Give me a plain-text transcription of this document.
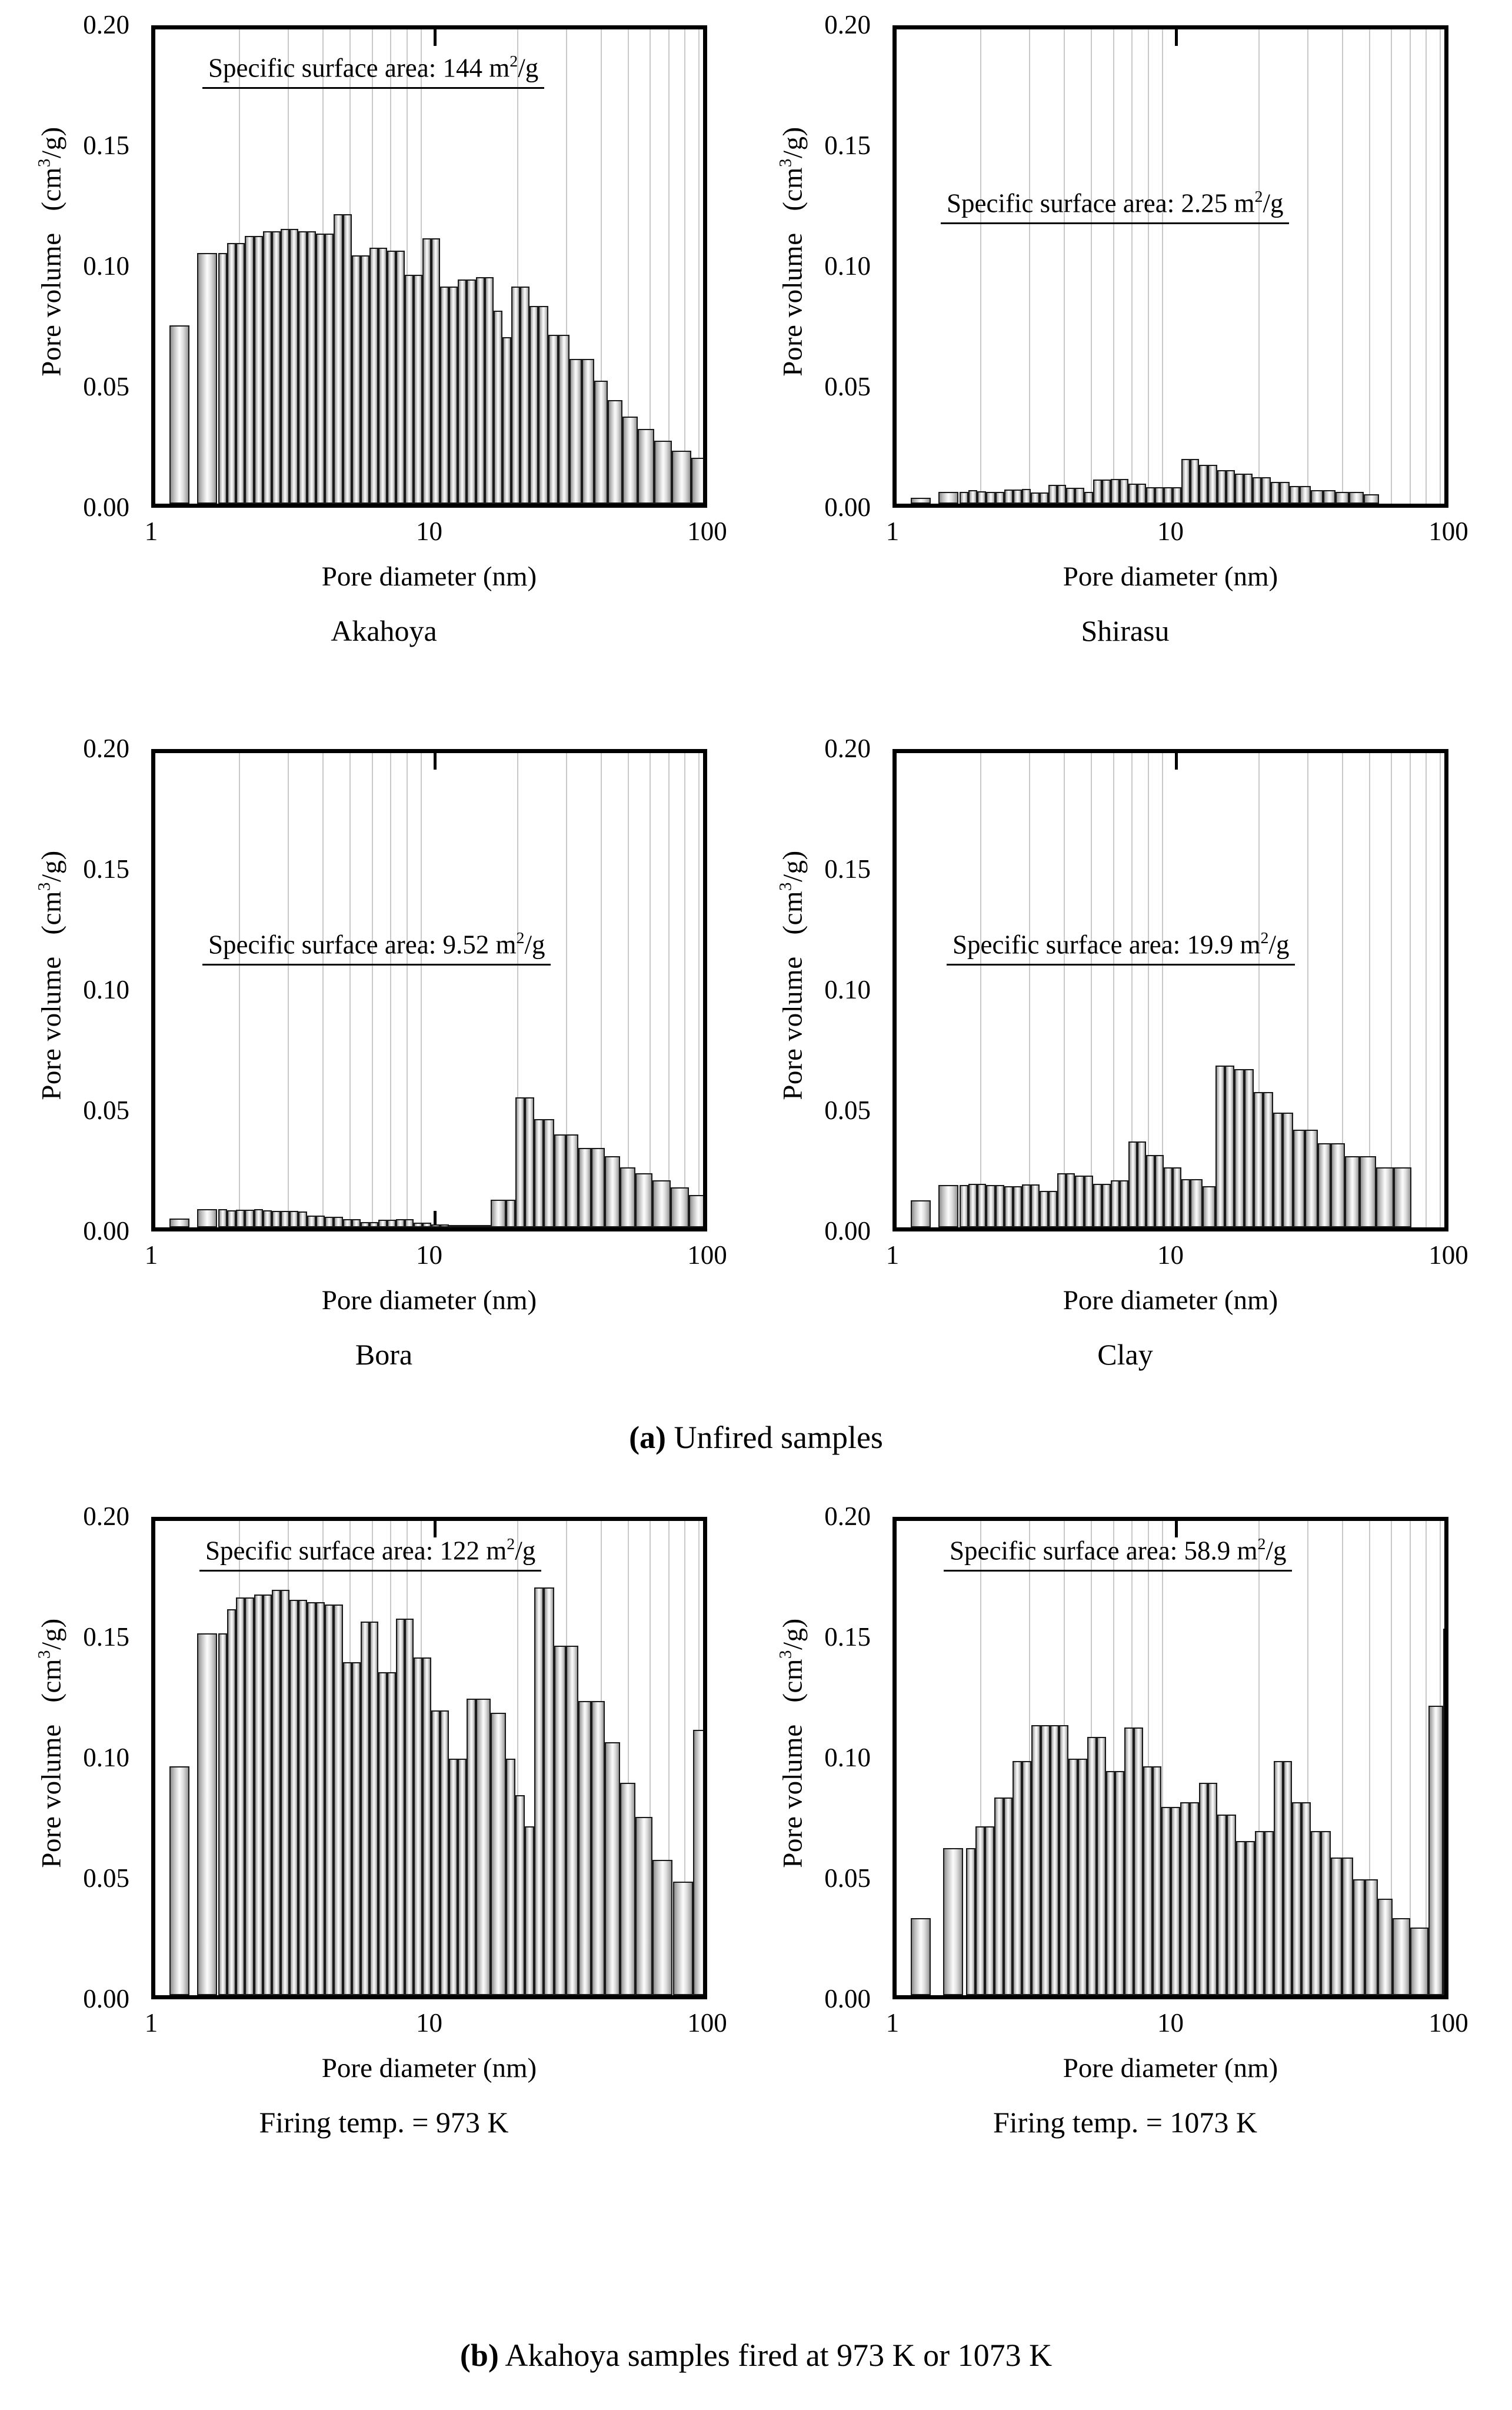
Pore volume   $(cm^3/g)$
0.20
0.15
0.10
0.05
0.00
Specific surface area: 144 $m^2/g$
1	10	100
Pore diameter (nm)
Akahoya
Pore volume   $(cm^3/g)$
0.20
0.15
0.10
0.05
0.00
Specific surface area: 2.25 $m^2/g$
1	10	100
Pore diameter (nm)
Shirasu
Pore volume   $(cm^3/g)$
0.20
0.15
0.10
0.05
0.00
Specific surface area: 9.52 $m^2/g$
1	10	100
Pore diameter (nm)
Bora
Pore volume   $(cm^3/g)$
0.20
0.15
0.10
0.05
0.00
Specific surface area: 19.9 $m^2/g$
1	10	100
Pore diameter (nm)
Clay
Pore volume   $(cm^3/g)$
0.20
0.15
0.10
0.05
0.00
Specific surface area: 122 $m^2/g$
1	10	100
Pore diameter (nm)
Firing temp. = 973 K
Pore volume   $(cm^3/g)$
0.20
0.15
0.10
0.05
0.00
Specific surface area: 58.9 $m^2/g$
1	10	100
Pore diameter (nm)
Firing temp. = 1073 K
(a) Unfired samples
(b) Akahoya samples fired at 973 K or 1073 K
